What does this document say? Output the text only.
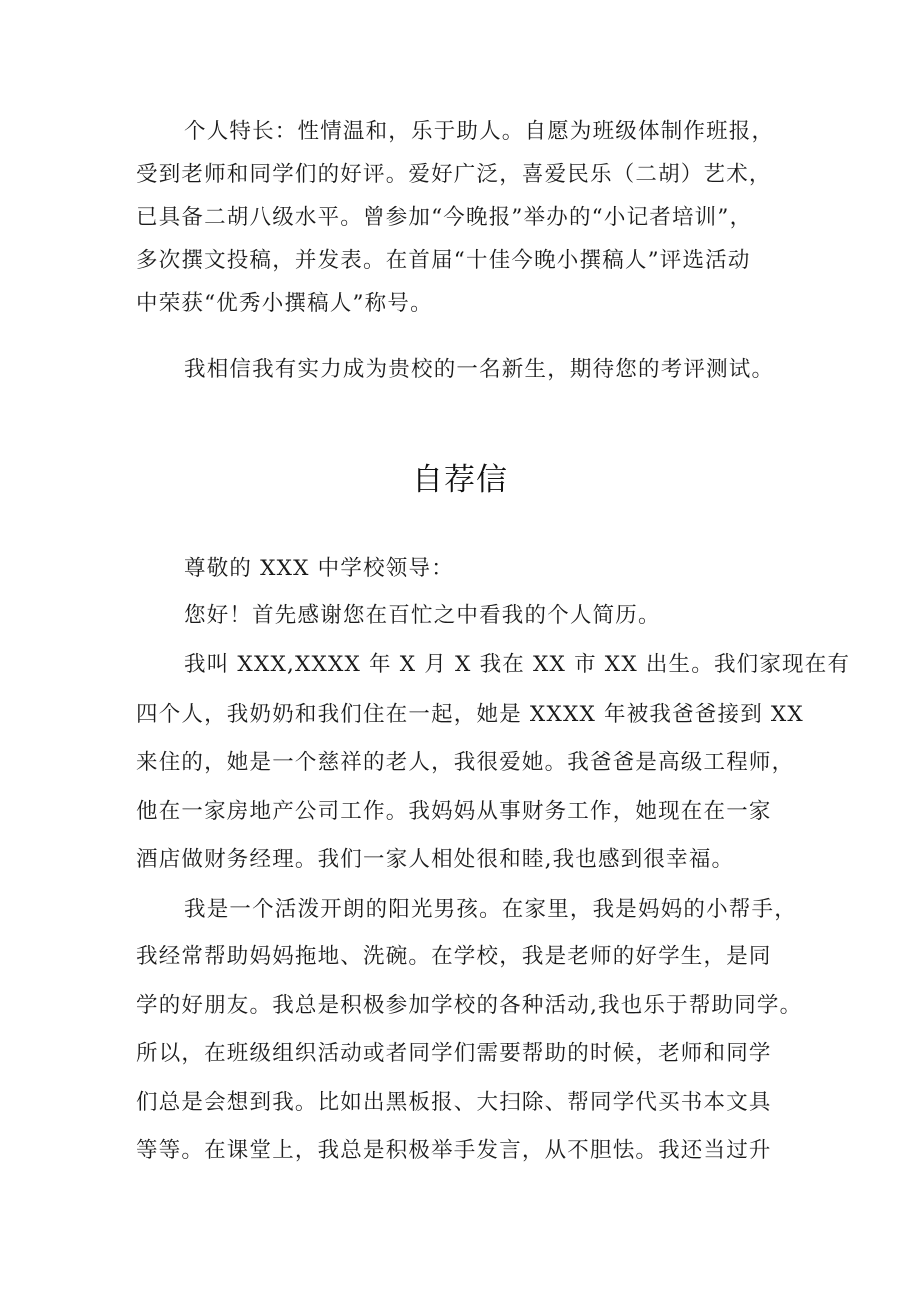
个人特长：性情温和，乐于助人。自愿为班级体制作班报，

受到老师和同学们的好评。爱好广泛，喜爱民乐（二胡）艺术，

已具备二胡八级水平。曾参加“今晚报”举办的“小记者培训”，

多次撰文投稿，并发表。在首届“十佳今晚小撰稿人”评选活动

中荣获“优秀小撰稿人”称号。

我相信我有实力成为贵校的一名新生，期待您的考评测试。

自荐信

尊敬的 XXX 中学校领导：

您好！首先感谢您在百忙之中看我的个人简历。

我叫 XXX,XXXX 年 X 月 X 我在 XX 市 XX 出生。我们家现在有

四个人，我奶奶和我们住在一起，她是 XXXX 年被我爸爸接到 XX

来住的，她是一个慈祥的老人，我很爱她。我爸爸是高级工程师，

他在一家房地产公司工作。我妈妈从事财务工作，她现在在一家

酒店做财务经理。我们一家人相处很和睦,我也感到很幸福。

我是一个活泼开朗的阳光男孩。在家里，我是妈妈的小帮手，

我经常帮助妈妈拖地、洗碗。在学校，我是老师的好学生，是同

学的好朋友。我总是积极参加学校的各种活动,我也乐于帮助同学。

所以，在班级组织活动或者同学们需要帮助的时候，老师和同学

们总是会想到我。比如出黑板报、大扫除、帮同学代买书本文具

等等。在课堂上，我总是积极举手发言，从不胆怯。我还当过升
